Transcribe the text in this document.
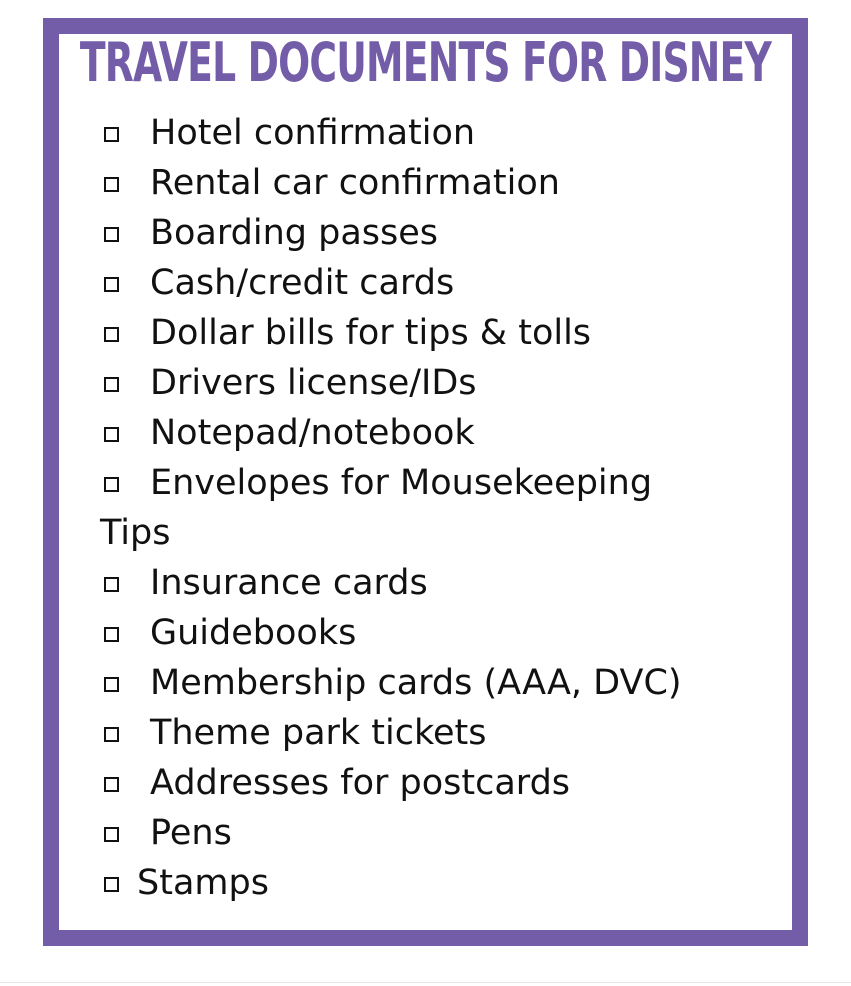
TRAVEL DOCUMENTS FOR DISNEY
Hotel confirmation
Rental car confirmation
Boarding passes
Cash/credit cards
Dollar bills for tips & tolls
Drivers license/IDs
Notepad/notebook
Envelopes for Mousekeeping
Tips
Insurance cards
Guidebooks
Membership cards (AAA, DVC)
Theme park tickets
Addresses for postcards
Pens
Stamps
